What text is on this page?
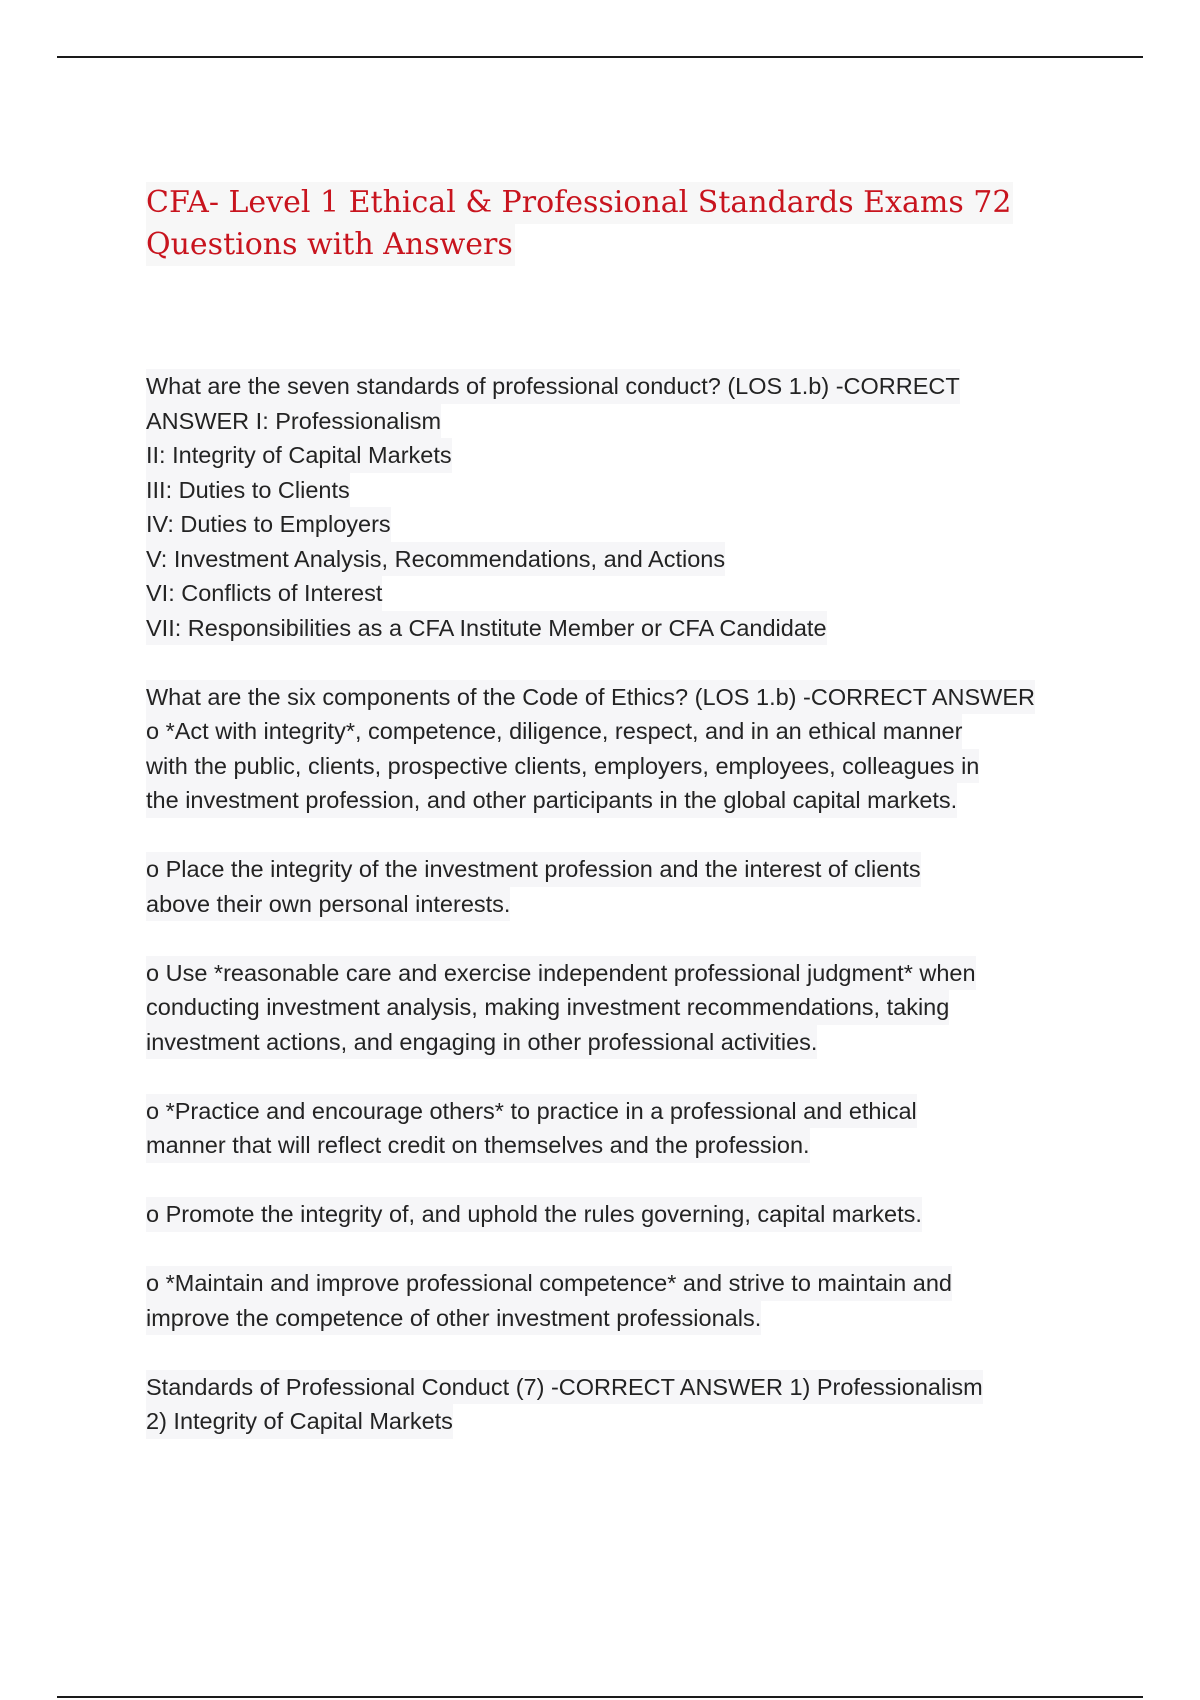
CFA- Level 1 Ethical & Professional Standards Exams 72
Questions with Answers
What are the seven standards of professional conduct? (LOS 1.b) -CORRECT
ANSWER I: Professionalism
II: Integrity of Capital Markets
III: Duties to Clients
IV: Duties to Employers
V: Investment Analysis, Recommendations, and Actions
VI: Conflicts of Interest
VII: Responsibilities as a CFA Institute Member or CFA Candidate
What are the six components of the Code of Ethics? (LOS 1.b) -CORRECT ANSWER
o *Act with integrity*, competence, diligence, respect, and in an ethical manner
with the public, clients, prospective clients, employers, employees, colleagues in
the investment profession, and other participants in the global capital markets.
o Place the integrity of the investment profession and the interest of clients
above their own personal interests.
o Use *reasonable care and exercise independent professional judgment* when
conducting investment analysis, making investment recommendations, taking
investment actions, and engaging in other professional activities.
o *Practice and encourage others* to practice in a professional and ethical
manner that will reflect credit on themselves and the profession.
o Promote the integrity of, and uphold the rules governing, capital markets.
o *Maintain and improve professional competence* and strive to maintain and
improve the competence of other investment professionals.
Standards of Professional Conduct (7) -CORRECT ANSWER 1) Professionalism
2) Integrity of Capital Markets
